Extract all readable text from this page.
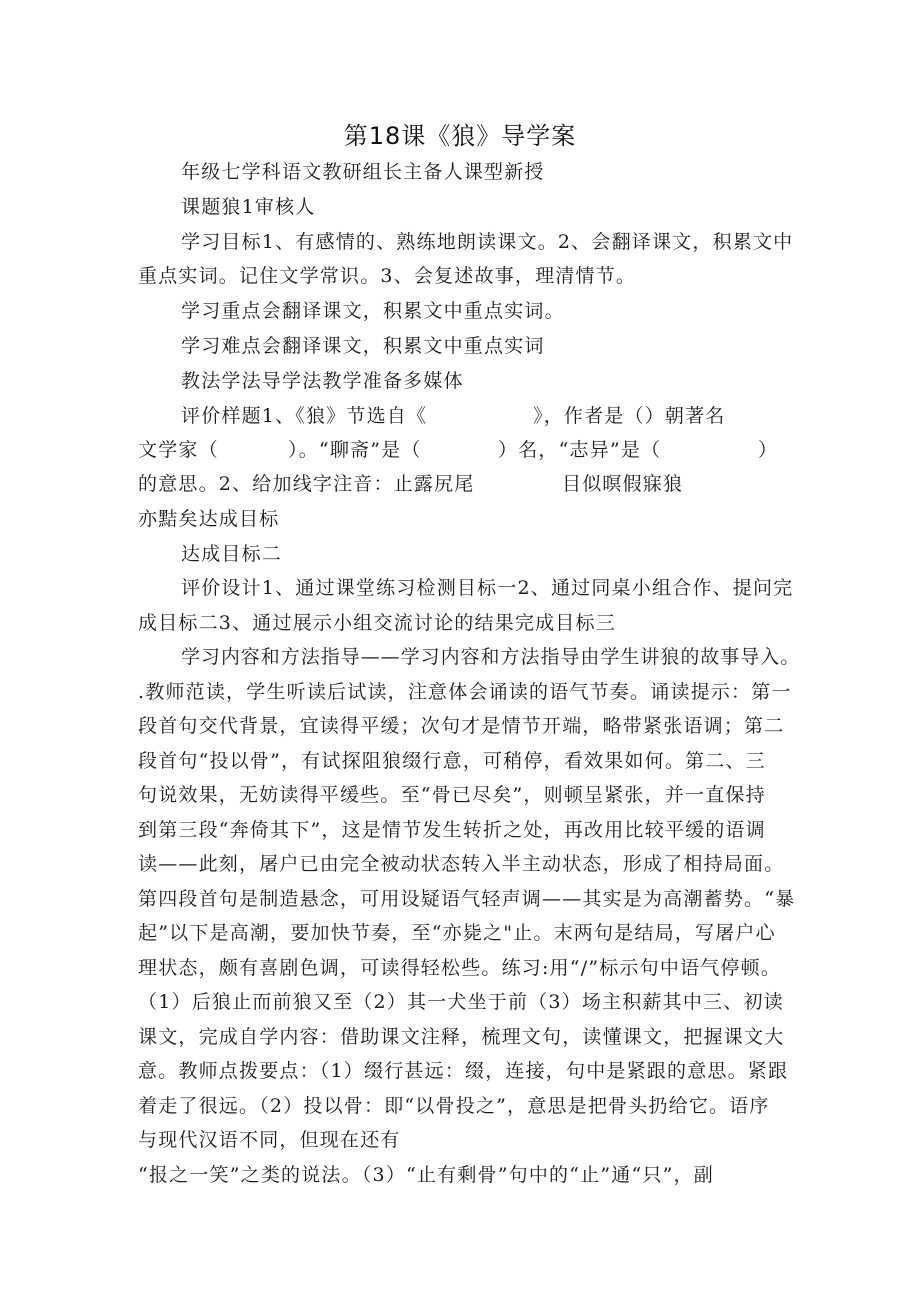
第18课《狼》导学案
年级七学科语文教研组长主备人课型新授
课题狼1审核人
学习目标1、有感情的、熟练地朗读课文。2、会翻译课文，积累文中
重点实词。记住文学常识。3、会复述故事，理清情节。
学习重点会翻译课文，积累文中重点实词。
学习难点会翻译课文，积累文中重点实词
教法学法导学法教学准备多媒体
评价样题1、《狼》节选自《	》，作者是（）朝著名
文学家（	）。“聊斋”是（	）名，“志异”是（	）
的意思。2、给加线字注音：止露尻尾	目似暝假寐狼
亦黠矣达成目标
达成目标二
评价设计1、通过课堂练习检测目标一2、通过同桌小组合作、提问完
成目标二3、通过展示小组交流讨论的结果完成目标三
学习内容和方法指导——学习内容和方法指导由学生讲狼的故事导入。
.教师范读，学生听读后试读，注意体会诵读的语气节奏。诵读提示：第一
段首句交代背景，宜读得平缓；次句才是情节开端，略带紧张语调；第二
段首句“投以骨”，有试探阻狼缀行意，可稍停，看效果如何。第二、三
句说效果，无妨读得平缓些。至“骨已尽矣”，则顿呈紧张，并一直保持
到第三段“奔倚其下”，这是情节发生转折之处，再改用比较平缓的语调
读——此刻，屠户已由完全被动状态转入半主动状态，形成了相持局面。
第四段首句是制造悬念，可用设疑语气轻声调——其实是为高潮蓄势。“暴
起”以下是高潮，要加快节奏，至“亦毙之"止。末两句是结局，写屠户心
理状态，颇有喜剧色调，可读得轻松些。练习:用“/”标示句中语气停顿。
（1）后狼止而前狼又至（2）其一犬坐于前（3）场主积薪其中三、初读
课文，完成自学内容：借助课文注释，梳理文句，读懂课文，把握课文大
意。教师点拨要点：（1）缀行甚远：缀，连接，句中是紧跟的意思。紧跟
着走了很远。（2）投以骨：即“以骨投之”，意思是把骨头扔给它。语序
与现代汉语不同，但现在还有
“报之一笑”之类的说法。（3）“止有剩骨”句中的“止”通“只”，副
